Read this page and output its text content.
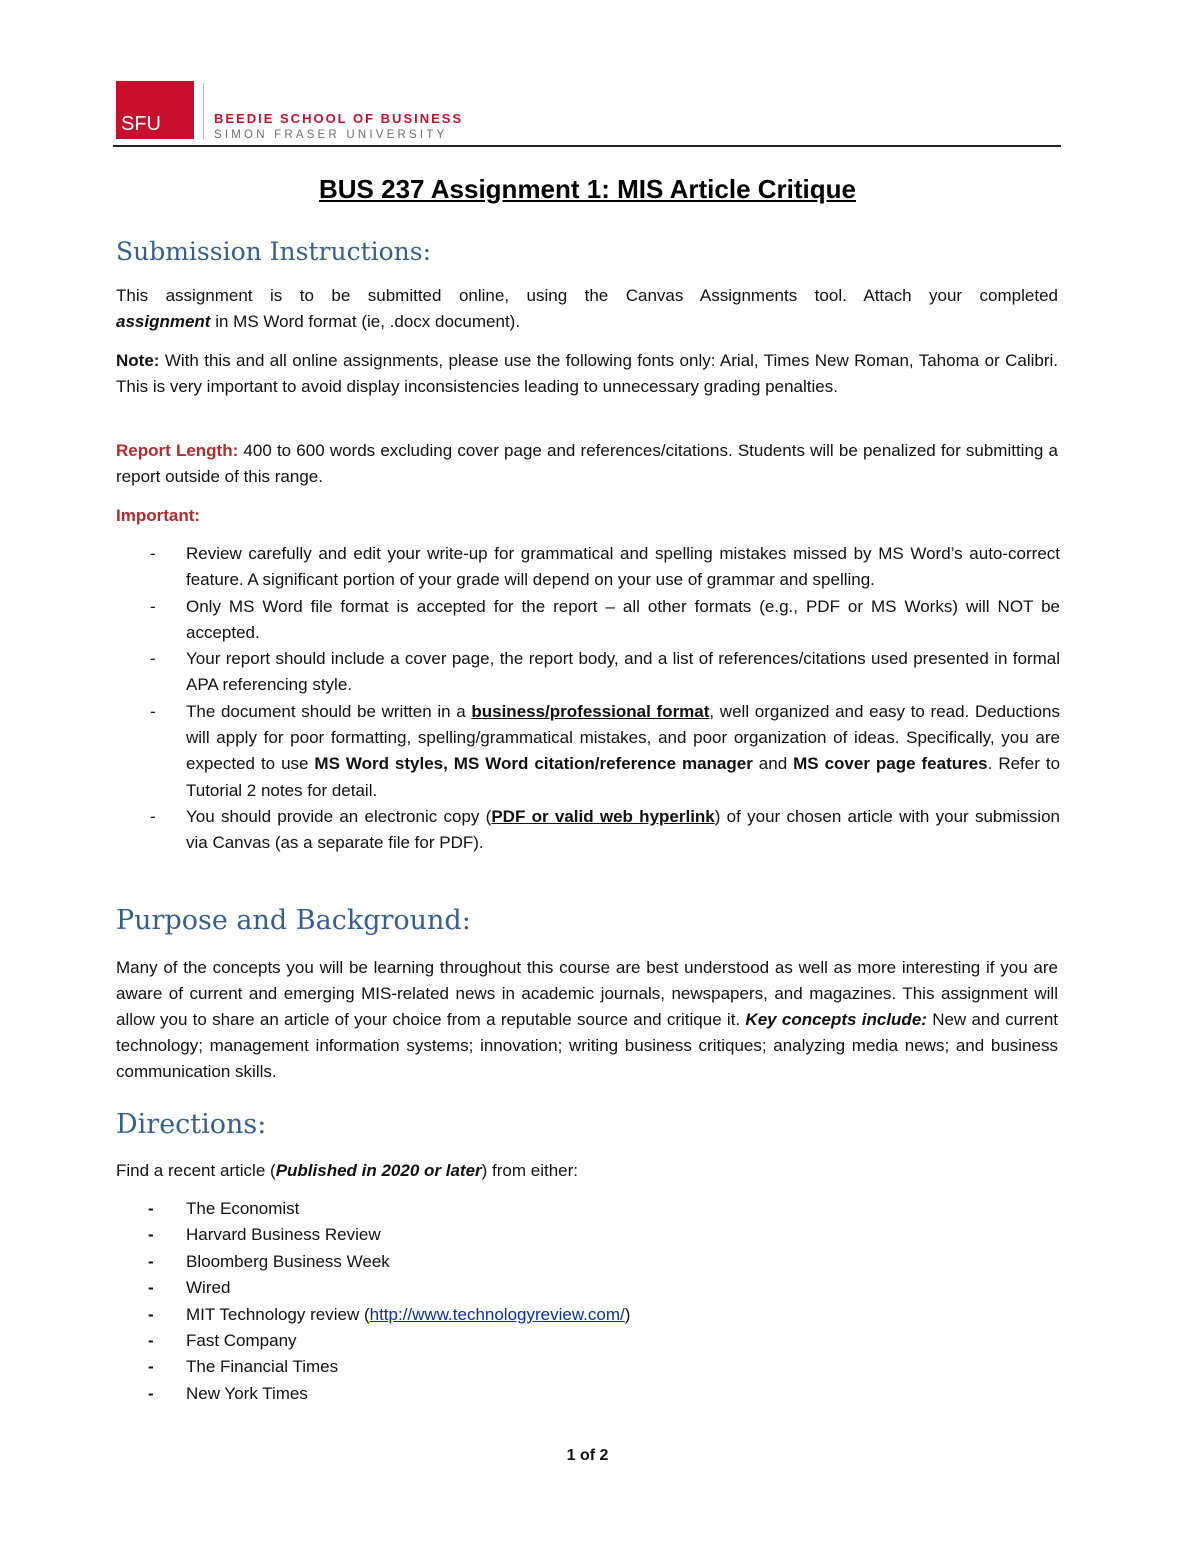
SFU	BEEDIE SCHOOL OF BUSINESS
SIMON FRASER UNIVERSITY
BUS 237 Assignment 1: MIS Article Critique
Submission Instructions:
This assignment is to be submitted online, using the Canvas Assignments tool. Attach your completed
assignment in MS Word format (ie, .docx document).
Note: With this and all online assignments, please use the following fonts only: Arial, Times New Roman, Tahoma or Calibri. This is very important to avoid display inconsistencies leading to unnecessary grading penalties.
Report Length: 400 to 600 words excluding cover page and references/citations. Students will be penalized for submitting a report outside of this range.
Important:
- Review carefully and edit your write-up for grammatical and spelling mistakes missed by MS Word’s auto-correct feature. A significant portion of your grade will depend on your use of grammar and spelling.
- Only MS Word file format is accepted for the report – all other formats (e.g., PDF or MS Works) will NOT be accepted.
- Your report should include a cover page, the report body, and a list of references/citations used presented in formal APA referencing style.
- The document should be written in a business/professional format, well organized and easy to read. Deductions will apply for poor formatting, spelling/grammatical mistakes, and poor organization of ideas. Specifically, you are expected to use MS Word styles, MS Word citation/reference manager and MS cover page features. Refer to Tutorial 2 notes for detail.
- You should provide an electronic copy (PDF or valid web hyperlink) of your chosen article with your submission via Canvas (as a separate file for PDF).
Purpose and Background:
Many of the concepts you will be learning throughout this course are best understood as well as more interesting if you are aware of current and emerging MIS-related news in academic journals, newspapers, and magazines. This assignment will allow you to share an article of your choice from a reputable source and critique it. Key concepts include: New and current technology; management information systems; innovation; writing business critiques; analyzing media news; and business communication skills.
Directions:
Find a recent article (Published in 2020 or later) from either:
- The Economist
- Harvard Business Review
- Bloomberg Business Week
- Wired
- MIT Technology review (http://www.technologyreview.com/)
- Fast Company
- The Financial Times
- New York Times
1 of 2
